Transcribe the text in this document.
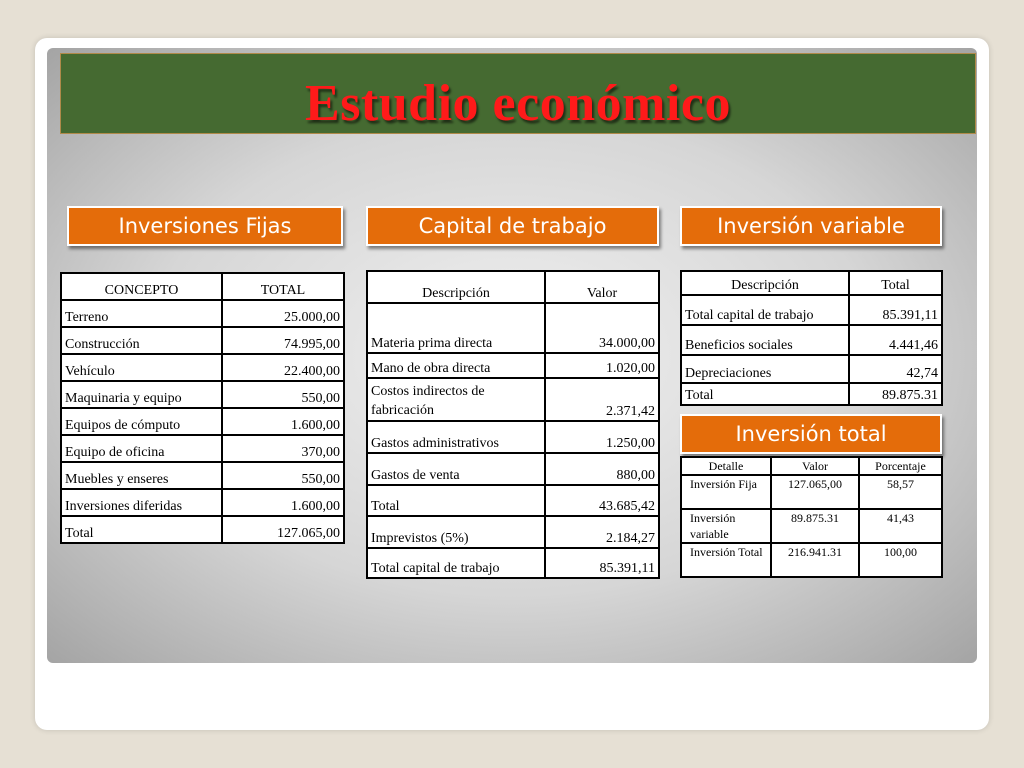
Estudio económico
Inversiones Fijas	Capital de trabajo	Inversión variable
Inversión total
CONCEPTO	TOTAL
Terreno	25.000,00
Construcción	74.995,00
Vehículo	22.400,00
Maquinaria y equipo	550,00
Equipos de cómputo	1.600,00
Equipo de oficina	370,00
Muebles y enseres	550,00
Inversiones diferidas	1.600,00
Total	127.065,00
Descripción	Valor
Materia prima directa	34.000,00
Mano de obra directa	1.020,00
Costos indirectos de fabricación	2.371,42
Gastos administrativos	1.250,00
Gastos de venta	880,00
Total	43.685,42
Imprevistos (5%)	2.184,27
Total capital de trabajo	85.391,11
Descripción	Total
Total capital de trabajo	85.391,11
Beneficios sociales	4.441,46
Depreciaciones	42,74
Total	89.875.31
Detalle	Valor	Porcentaje
Inversión Fija	127.065,00	58,57
Inversión variable	89.875.31	41,43
Inversión Total	216.941.31	100,00
